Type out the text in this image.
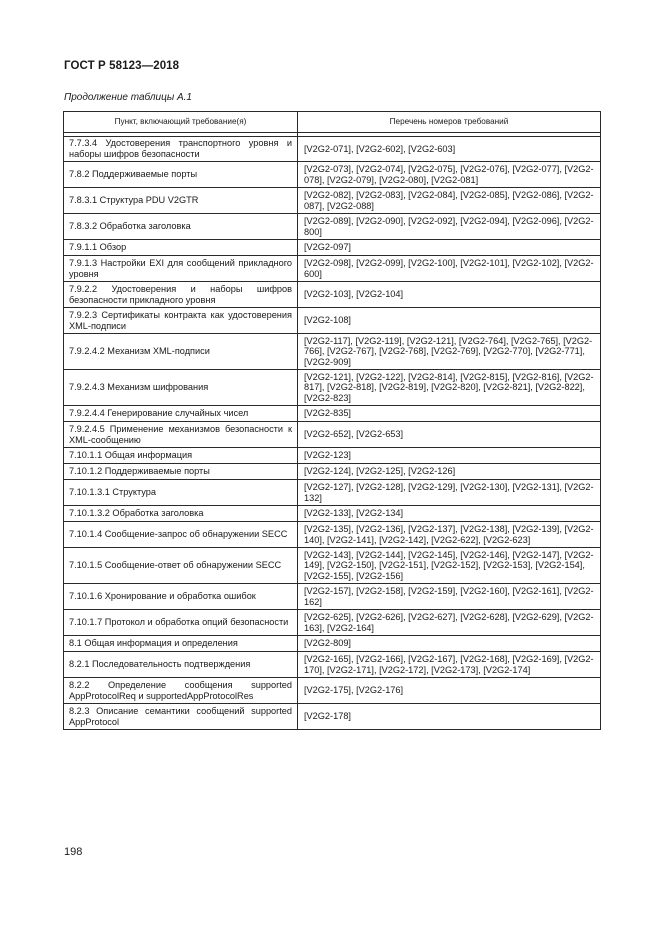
ГОСТ Р 58123—2018
Продолжение таблицы А.1
Пункт, включающий требование(я)	Перечень номеров требований

7.7.3.4 Удостоверения транспортного уровня и наборы шифров безопасности	[V2G2-071], [V2G2-602], [V2G2-603]
7.8.2 Поддерживаемые порты	[V2G2-073], [V2G2-074], [V2G2-075], [V2G2-076], [V2G2-077], [V2G2-078], [V2G2-079], [V2G2-080], [V2G2-081]
7.8.3.1 Структура PDU V2GTR	[V2G2-082], [V2G2-083], [V2G2-084], [V2G2-085], [V2G2-086], [V2G2-087], [V2G2-088]
7.8.3.2 Обработка заголовка	[V2G2-089], [V2G2-090], [V2G2-092], [V2G2-094], [V2G2-096], [V2G2-800]
7.9.1.1 Обзор	[V2G2-097]
7.9.1.3 Настройки EXI для сообщений прикладного уровня	[V2G2-098], [V2G2-099], [V2G2-100], [V2G2-101], [V2G2-102], [V2G2-600]
7.9.2.2 Удостоверения и наборы шифров безопасности прикладного уровня	[V2G2-103], [V2G2-104]
7.9.2.3 Сертификаты контракта как удостоверения XML-подписи	[V2G2-108]
7.9.2.4.2 Механизм XML-подписи	[V2G2-117], [V2G2-119], [V2G2-121], [V2G2-764], [V2G2-765], [V2G2-766], [V2G2-767], [V2G2-768], [V2G2-769], [V2G2-770], [V2G2-771], [V2G2-909]
7.9.2.4.3 Механизм шифрования	[V2G2-121], [V2G2-122], [V2G2-814], [V2G2-815], [V2G2-816], [V2G2-817], [V2G2-818], [V2G2-819], [V2G2-820], [V2G2-821], [V2G2-822], [V2G2-823]
7.9.2.4.4 Генерирование случайных чисел	[V2G2-835]
7.9.2.4.5 Применение механизмов безопасности к XML-сообщению	[V2G2-652], [V2G2-653]
7.10.1.1 Общая информация	[V2G2-123]
7.10.1.2 Поддерживаемые порты	[V2G2-124], [V2G2-125], [V2G2-126]
7.10.1.3.1 Структура	[V2G2-127], [V2G2-128], [V2G2-129], [V2G2-130], [V2G2-131], [V2G2-132]
7.10.1.3.2 Обработка заголовка	[V2G2-133], [V2G2-134]
7.10.1.4 Сообщение-запрос об обнаружении SECC	[V2G2-135], [V2G2-136], [V2G2-137], [V2G2-138], [V2G2-139], [V2G2-140], [V2G2-141], [V2G2-142], [V2G2-622], [V2G2-623]
7.10.1.5 Сообщение-ответ об обнаружении SECC	[V2G2-143], [V2G2-144], [V2G2-145], [V2G2-146], [V2G2-147], [V2G2-149], [V2G2-150], [V2G2-151], [V2G2-152], [V2G2-153], [V2G2-154], [V2G2-155], [V2G2-156]
7.10.1.6 Хронирование и обработка ошибок	[V2G2-157], [V2G2-158], [V2G2-159], [V2G2-160], [V2G2-161], [V2G2-162]
7.10.1.7 Протокол и обработка опций безопасности	[V2G2-625], [V2G2-626], [V2G2-627], [V2G2-628], [V2G2-629], [V2G2-163], [V2G2-164]
8.1 Общая информация и определения	[V2G2-809]
8.2.1 Последовательность подтверждения	[V2G2-165], [V2G2-166], [V2G2-167], [V2G2-168], [V2G2-169], [V2G2-170], [V2G2-171], [V2G2-172], [V2G2-173], [V2G2-174]
8.2.2 Определение сообщения supported AppProtocolReq и supportedAppProtocolRes	[V2G2-175], [V2G2-176]
8.2.3 Описание семантики сообщений supported AppProtocol	[V2G2-178]
198
